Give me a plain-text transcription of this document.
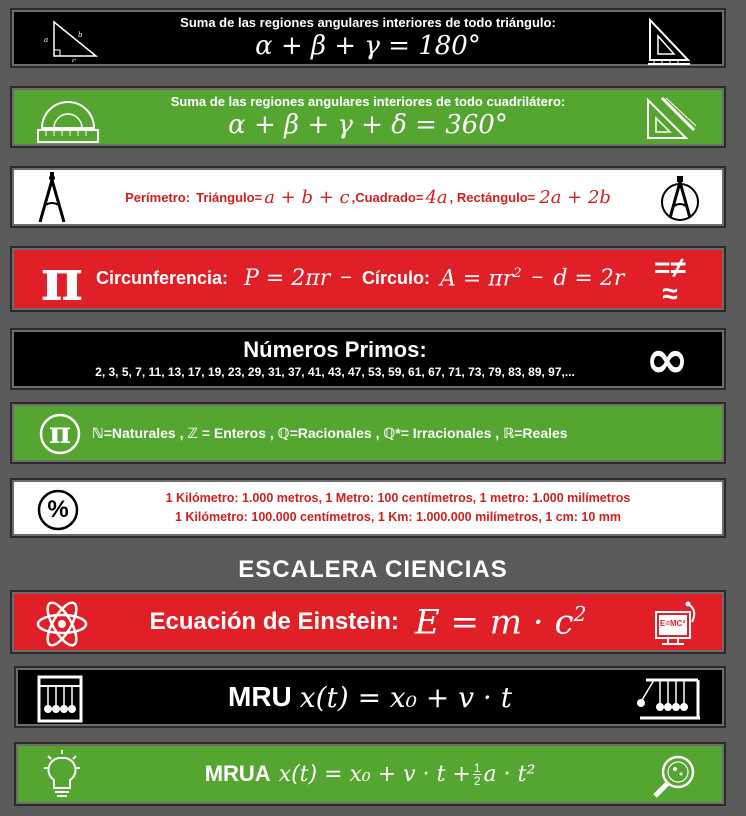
a
b
c
Suma de las regiones angulares interiores de todo triángulo:
α + β + γ = 180°
Suma de las regiones angulares interiores de todo cuadrilátero:
α + β + γ + δ = 360°
Perímetro: Triángulo= a + b + c ,Cuadrado= 4a , Rectángulo= 2a + 2b
π Circunferencia: P = 2πr − Círculo: $A = \pi r^2 - d = 2r$ =≠
≈
Números Primos:
2, 3, 5, 7, 11, 13, 17, 19, 23, 29, 31, 37, 41, 43, 47, 53, 59, 61, 67, 71, 73, 79, 83, 89, 97,... ∞
π ℕ=Naturales , ℤ = Enteros , ℚ=Racionales , ℚ*= Irracionales , ℝ=Reales
%	1 Kilómetro: 1.000 metros, 1 Metro: 100 centímetros, 1 metro: 1.000 milímetros
1 Kilómetro: 100.000 centímetros, 1 Km: 1.000.000 milímetros, 1 cm: 10 mm
ESCALERA CIENCIAS
Ecuación de Einstein: $E = m \cdot c^2$	E=MC²
MRU x(t) = x₀ + v · t
MRUA $x(t) = x_0 + v \cdot t + \frac{1}{2}$ a · t²
